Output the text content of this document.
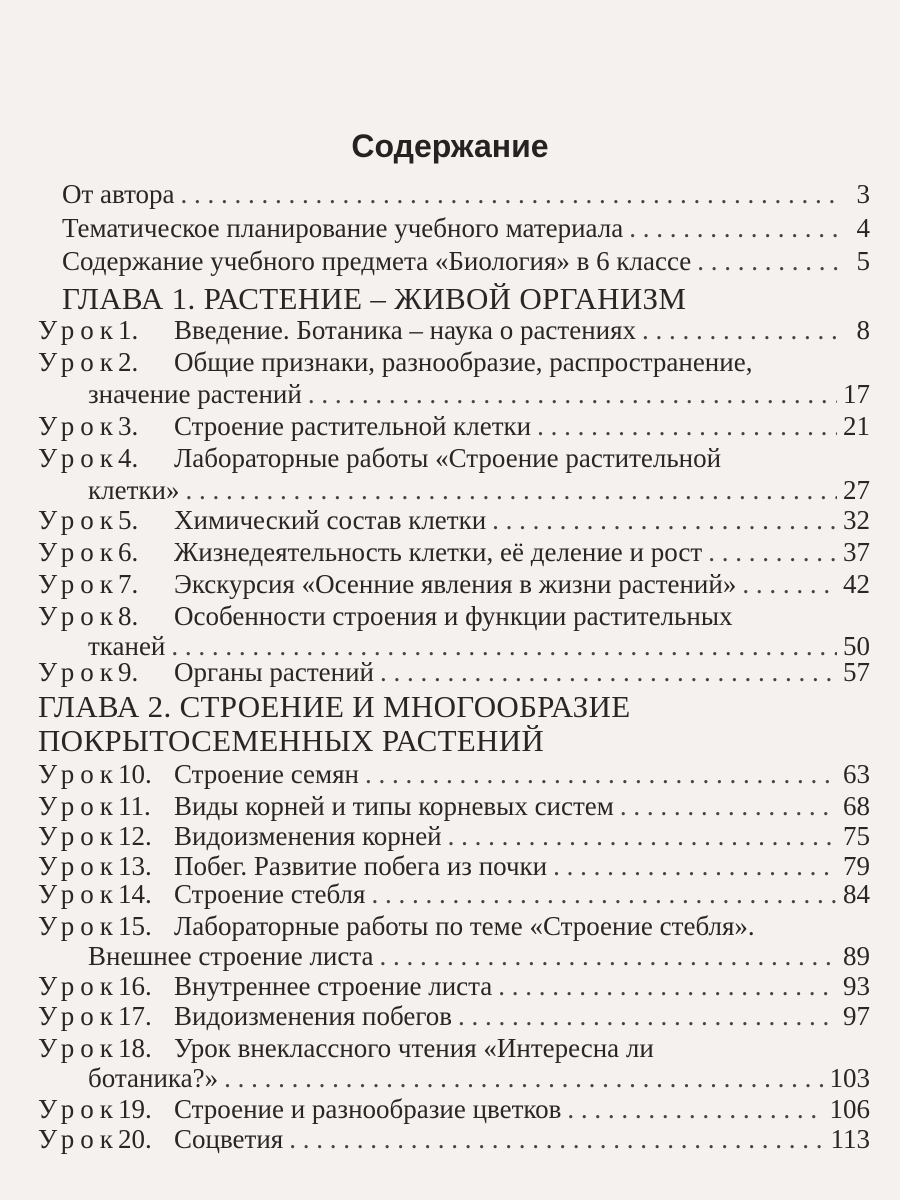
Содержание
От автора . . .	3
Тематическое планирование учебного материала . . .	4
Содержание учебного предмета «Биология» в 6 классе . . .	5
ГЛАВА 1. РАСТЕНИЕ – ЖИВОЙ ОРГАНИЗМ
Урок 1.	Введение. Ботаника – наука о растениях . . .	8
Урок2. Общие признаки, разнообразие, распространение,
значение растений . . .	17
Урок 3.	Строение растительной клетки . . .	21
Урок4. Лабораторные работы «Строение растительной
клетки» . . .	27
Урок 5.	Химический состав клетки . . .	32
Урок 6.	Жизнедеятельность клетки, её деление и рост . . .	37
Урок 7.	Экскурсия «Осенние явления в жизни растений» . . .	42
Урок8. Особенности строения и функции растительных
тканей . . .	50
Урок 9.	Органы растений . . .	57
ГЛАВА 2. СТРОЕНИЕ И МНОГООБРАЗИЕ
ПОКРЫТОСЕМЕННЫХ РАСТЕНИЙ
Урок 10. Строение семян . . .	63
Урок 11. Виды корней и типы корневых систем . . .	68
Урок 12. Видоизменения корней . . .	75
Урок 13. Побег. Развитие побега из почки . . .	79
Урок 14. Строение стебля . . .	84
Урок15. Лабораторные работы по теме «Строение стебля».
Внешнее строение листа . . .	89
Урок 16. Внутреннее строение листа . . .	93
Урок 17. Видоизменения побегов . . .	97
Урок18. Урок внеклассного чтения «Интересна ли
ботаника?» . . .	103
Урок 19. Строение и разнообразие цветков . . .	106
Урок 20. Соцветия . . .	113
